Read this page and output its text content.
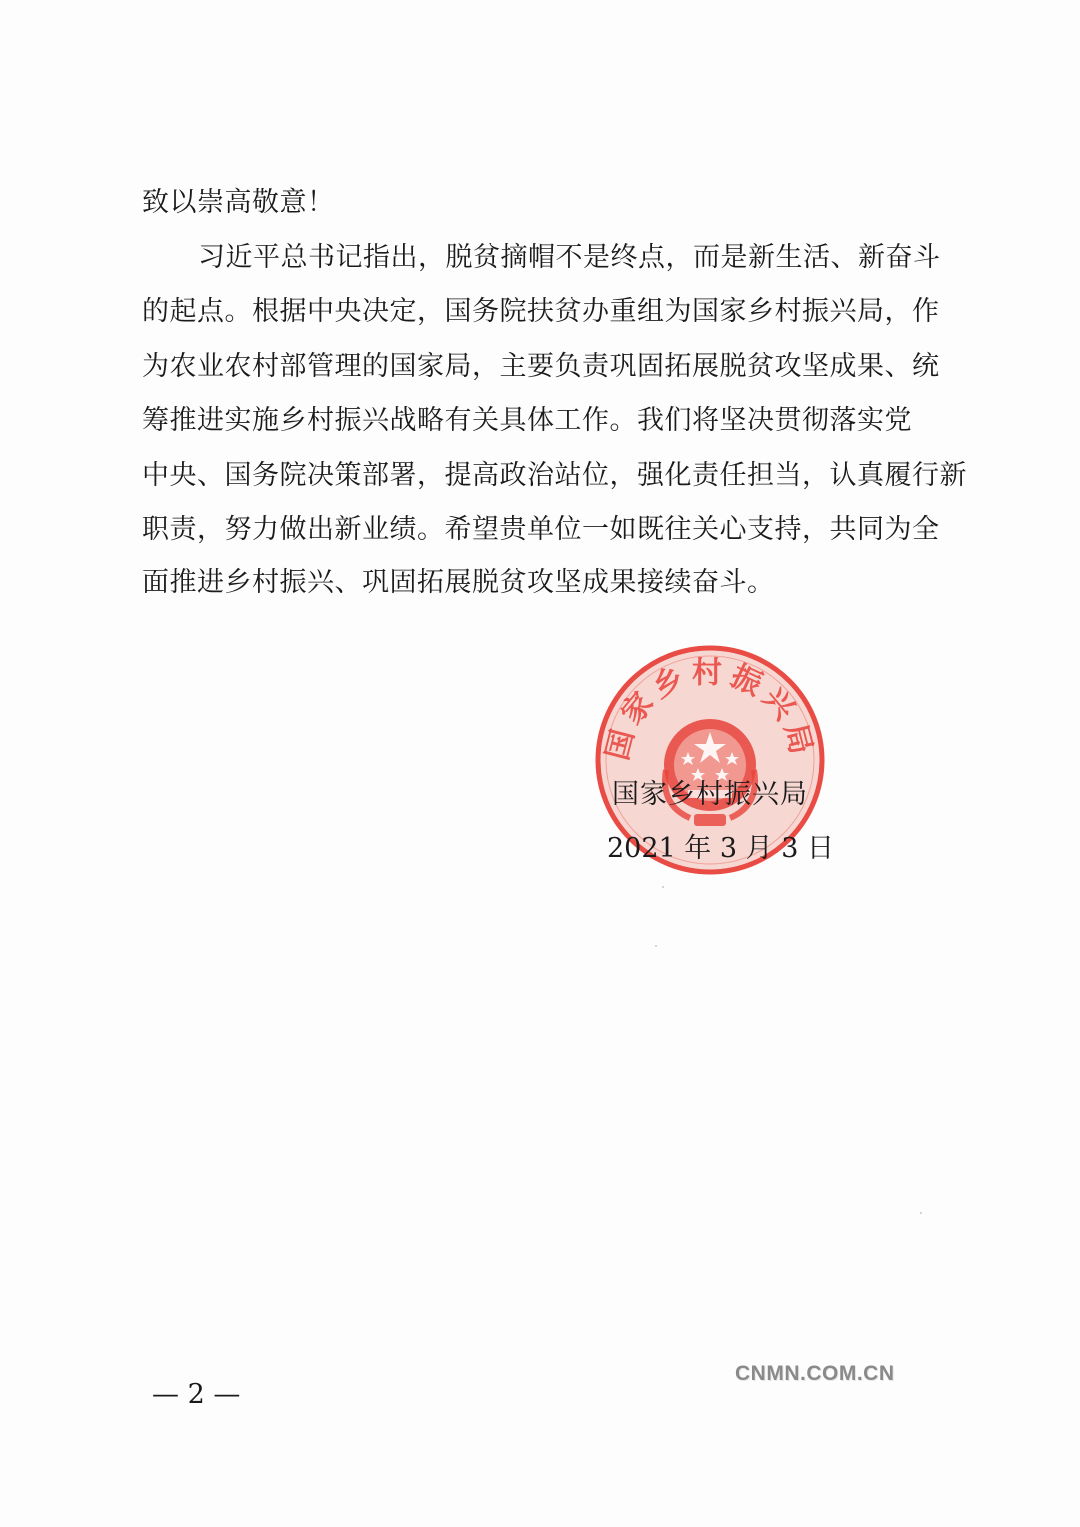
致以崇高敬意！
习近平总书记指出，脱贫摘帽不是终点，而是新生活、新奋斗
的起点。根据中央决定，国务院扶贫办重组为国家乡村振兴局，作
为农业农村部管理的国家局，主要负责巩固拓展脱贫攻坚成果、统
筹推进实施乡村振兴战略有关具体工作。我们将坚决贯彻落实党
中央、国务院决策部署，提高政治站位，强化责任担当，认真履行新
职责，努力做出新业绩。希望贵单位一如既往关心支持，共同为全
面推进乡村振兴、巩固拓展脱贫攻坚成果接续奋斗。
国家乡村振兴局
国家乡村振兴局
2021 年 3 月 3 日
— 2 —
CNMN.COM.CN
